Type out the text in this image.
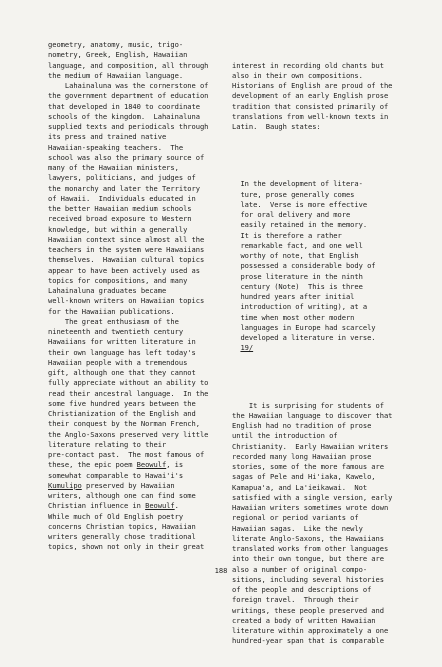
geometry, anatomy, music, trigo-
nometry, Greek, English, Hawaiian
language, and composition, all through
the medium of Hawaiian language.
Lahainaluna was the cornerstone of
the government department of education
that developed in 1840 to coordinate
schools of the kingdom.  Lahainaluna
supplied texts and periodicals through
its press and trained native
Hawaiian-speaking teachers.  The
school was also the primary source of
many of the Hawaiian ministers,
lawyers, politicians, and judges of
the monarchy and later the Territory
of Hawaii.  Individuals educated in
the better Hawaiian medium schools
received broad exposure to Western
knowledge, but within a generally
Hawaiian context since almost all the
teachers in the system were Hawaiians
themselves.  Hawaiian cultural topics
appear to have been actively used as
topics for compositions, and many
Lahainaluna graduates became
well-known writers on Hawaiian topics
for the Hawaiian publications.
The great enthusiasm of the
nineteenth and twentieth century
Hawaiians for written literature in
their own language has left today's
Hawaiian people with a tremendous
gift, although one that they cannot
fully appreciate without an ability to
read their ancestral language.  In the
some five hundred years between the
Christianization of the English and
their conquest by the Norman French,
the Anglo-Saxons preserved very little
literature relating to their
pre-contact past.  The most famous of
these, the epic poem Beowulf, is
somewhat comparable to Hawai'i's
Kumulipo preserved by Hawaiian
writers, although one can find some
Christian influence in Beowulf.
While much of Old English poetry
concerns Christian topics, Hawaiian
writers generally chose traditional
topics, shown not only in their great

interest in recording old chants but
also in their own compositions.
Historians of English are proud of the
development of an early English prose
tradition that consisted primarily of
translations from well-known texts in
Latin.  Baugh states:

In the development of litera-
ture, prose generally comes
late.  Verse is more effective
for oral delivery and more
easily retained in the memory.
It is therefore a rather
remarkable fact, and one well
worthy of note, that English
possessed a considerable body of
prose literature in the ninth
century (Note)  This is three
hundred years after initial
introduction of writing), at a
time when most other modern
languages in Europe had scarcely
developed a literature in verse.
19/

It is surprising for students of
the Hawaiian language to discover that
English had no tradition of prose
until the introduction of
Christianity.  Early Hawaiian writers
recorded many long Hawaiian prose
stories, some of the more famous are
sagas of Pele and Hi'iaka, Kawelo,
Kamapua'a, and La'ieikawai.  Not
satisfied with a single version, early
Hawaiian writers sometimes wrote down
regional or period variants of
Hawaiian sagas.  Like the newly
literate Anglo-Saxons, the Hawaiians
translated works from other languages
into their own tongue, but there are
also a number of original compo-
sitions, including several histories
of the people and descriptions of
foreign travel.  Through their
writings, these people preserved and
created a body of written Hawaiian
literature within approximately a one
hundred-year span that is comparable

188
